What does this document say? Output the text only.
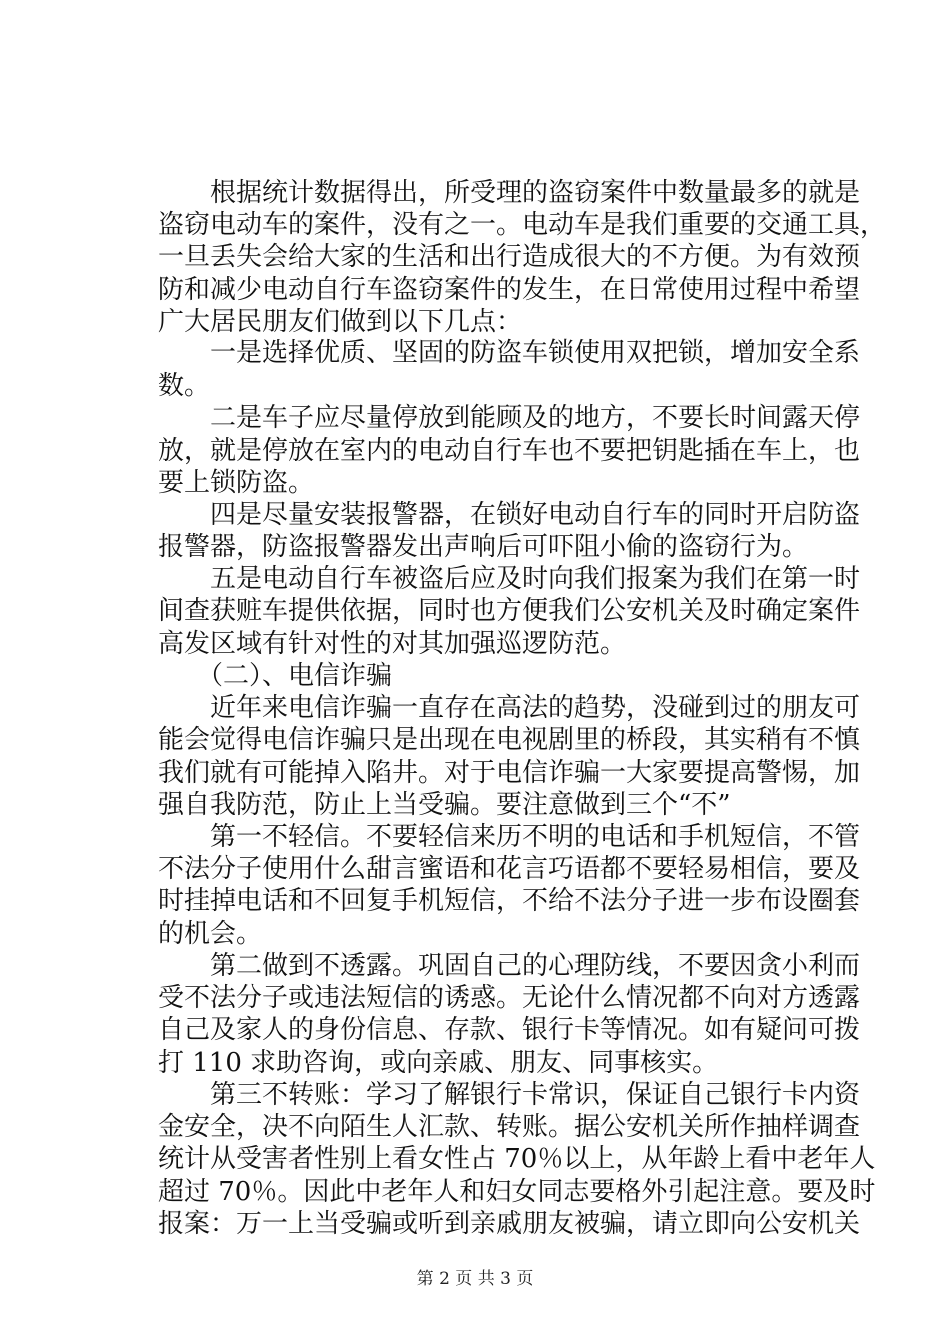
　　根据统计数据得出，所受理的盗窃案件中数量最多的就是
盗窃电动车的案件，没有之一。电动车是我们重要的交通工具，
一旦丢失会给大家的生活和出行造成很大的不方便。为有效预
防和减少电动自行车盗窃案件的发生，在日常使用过程中希望
广大居民朋友们做到以下几点：
　　一是选择优质、坚固的防盗车锁使用双把锁，增加安全系
数。
　　二是车子应尽量停放到能顾及的地方，不要长时间露天停
放，就是停放在室内的电动自行车也不要把钥匙插在车上，也
要上锁防盗。
　　四是尽量安装报警器，在锁好电动自行车的同时开启防盗
报警器，防盗报警器发出声响后可吓阻小偷的盗窃行为。
　　五是电动自行车被盗后应及时向我们报案为我们在第一时
间查获赃车提供依据，同时也方便我们公安机关及时确定案件
高发区域有针对性的对其加强巡逻防范。
　　（二）、电信诈骗
　　近年来电信诈骗一直存在高法的趋势，没碰到过的朋友可
能会觉得电信诈骗只是出现在电视剧里的桥段，其实稍有不慎
我们就有可能掉入陷井。对于电信诈骗一大家要提高警惕，加
强自我防范，防止上当受骗。要注意做到三个“不”
　　第一不轻信。不要轻信来历不明的电话和手机短信，不管
不法分子使用什么甜言蜜语和花言巧语都不要轻易相信，要及
时挂掉电话和不回复手机短信，不给不法分子进一步布设圈套
的机会。
　　第二做到不透露。巩固自己的心理防线，不要因贪小利而
受不法分子或违法短信的诱惑。无论什么情况都不向对方透露
自己及家人的身份信息、存款、银行卡等情况。如有疑问可拨
打 110 求助咨询，或向亲戚、朋友、同事核实。
　　第三不转账：学习了解银行卡常识，保证自己银行卡内资
金安全，决不向陌生人汇款、转账。据公安机关所作抽样调查
统计从受害者性别上看女性占 70％以上，从年龄上看中老年人
超过 70％。因此中老年人和妇女同志要格外引起注意。要及时
报案：万一上当受骗或听到亲戚朋友被骗，请立即向公安机关
第 2 页 共 3 页
